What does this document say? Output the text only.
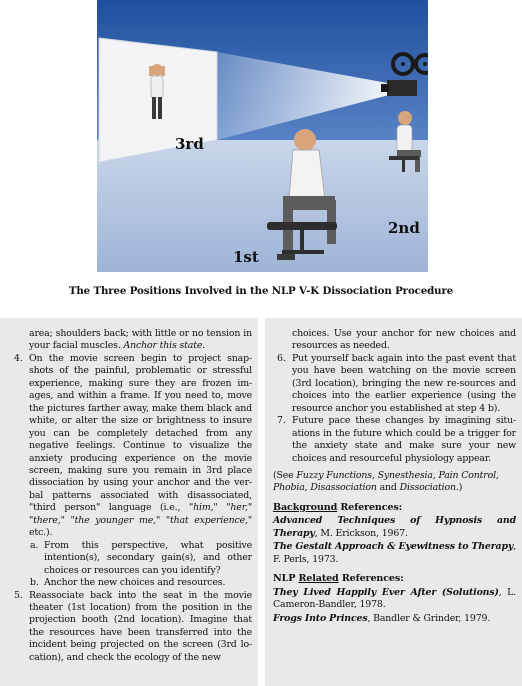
3rd
2nd
1st
The Three Positions Involved in the NLP V-K Dissociation Procedure

area; shoulders back; with little or no tension in your facial muscles. Anchor this state.

4. On the movie screen begin to project snap-shots of the painful, problematic or stressful experience, making sure they are frozen im-ages, and within a frame. If you need to, move the pictures farther away, make them black and white, or alter the size or brightness to insure you can be completely detached from any negative feelings. Continue to visualize the anxiety producing experience on the movie screen, making sure you remain in 3rd place dissociation by using your anchor and the ver-bal patterns associated with disassociated, "third person" language (i.e., "him," "her," "there," "the younger me," "that experience," etc.).
a. From this perspective, what positive intention(s), secondary gain(s), and other choices or resources can you identify?
b. Anchor the new choices and resources.
5. Reassociate back into the seat in the movie theater (1st location) from the position in the projection booth (2nd location). Imagine that the resources have been transferred into the incident being projected on the screen (3rd lo-cation), and check the ecology of the new

choices. Use your anchor for new choices and resources as needed.

6. Put yourself back again into the past event that you have been watching on the movie screen (3rd location), bringing the new re-sources and choices into the earlier experience (using the resource anchor you established at step 4 b).
7. Future pace these changes by imagining situ-ations in the future which could be a trigger for the anxiety state and make sure your new choices and resourceful physiology appear.

(See Fuzzy Functions, Synesthesia, Pain Control, Phobia, Disassociation and Dissociation.)

Background References:

Advanced Techniques of Hypnosis and Therapy, M. Erickson, 1967.

The Gestalt Approach & Eyewitness to Therapy, F. Perls, 1973.

NLP Related References:

They Lived Happily Ever After (Solutions), L. Cameron-Bandler, 1978.

Frogs Into Princes, Bandler & Grinder, 1979.
